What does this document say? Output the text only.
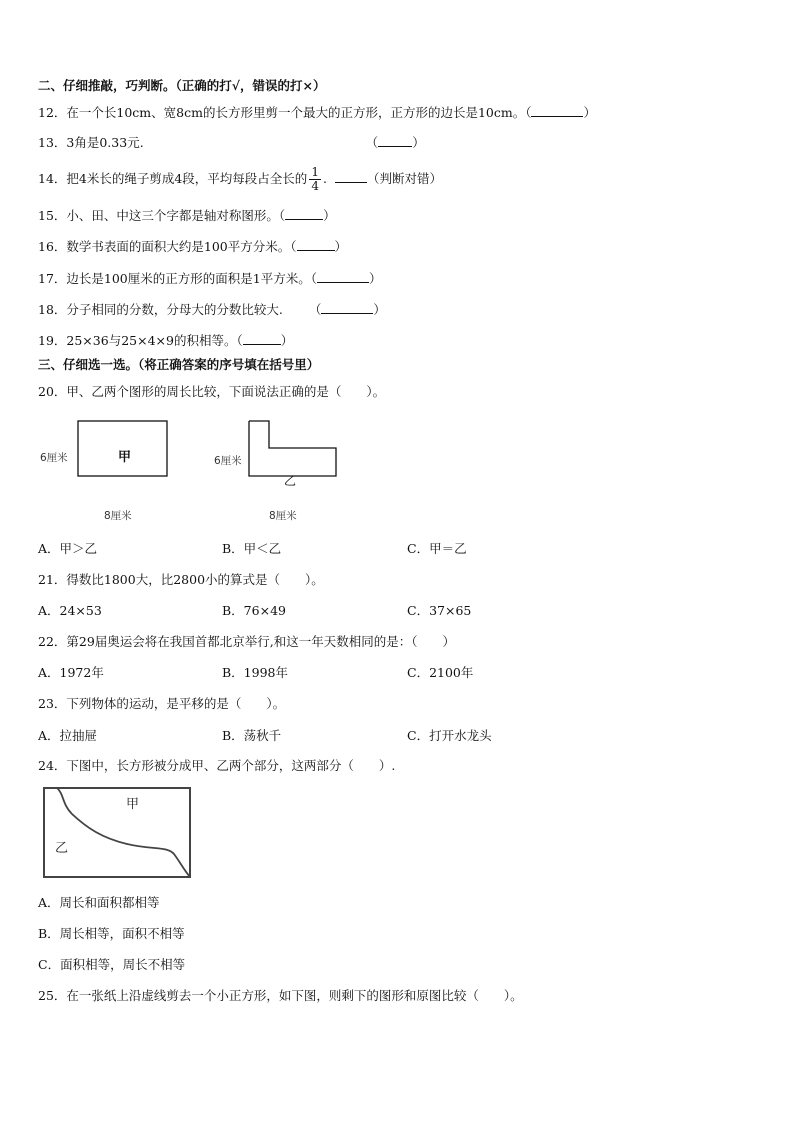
二、仔细推敲，巧判断。（正确的打√，错误的打×）
12．在一个长10cm、宽8cm的长方形里剪一个最大的正方形，正方形的边长是10cm。（	）
13．3角是0.33元.	（	）
14．把4米长的绳子剪成4段，平均每段占全长的 $\frac{1}{4}$ .	（判断对错）
15．小、田、中这三个字都是轴对称图形。（	）
16．数学书表面的面积大约是100平方分米。（	）
17．边长是100厘米的正方形的面积是1平方米。（	）
18．分子相同的分数，分母大的分数比较大. （	）
19．25×36与25×4×9的积相等。（	）
三、仔细选一选。（将正确答案的序号填在括号里）
20．甲、乙两个图形的周长比较，下面说法正确的是（　　）。
6厘米	甲
8厘米
6厘米
乙
8厘米
A．甲＞乙	B．甲＜乙	C．甲＝乙
21．得数比1800大，比2800小的算式是（　　）。
A．24×53	B．76×49	C．37×65
22．第29届奥运会将在我国首都北京举行,和这一年天数相同的是：（　　）
A．1972年	B．1998年	C．2100年
23．下列物体的运动，是平移的是（　　）。
A．拉抽屉	B．荡秋千	C．打开水龙头
24．下图中，长方形被分成甲、乙两个部分，这两部分（　　）.
甲
乙
A．周长和面积都相等
B．周长相等，面积不相等
C．面积相等，周长不相等
25．在一张纸上沿虚线剪去一个小正方形，如下图，则剩下的图形和原图比较（　　）。
